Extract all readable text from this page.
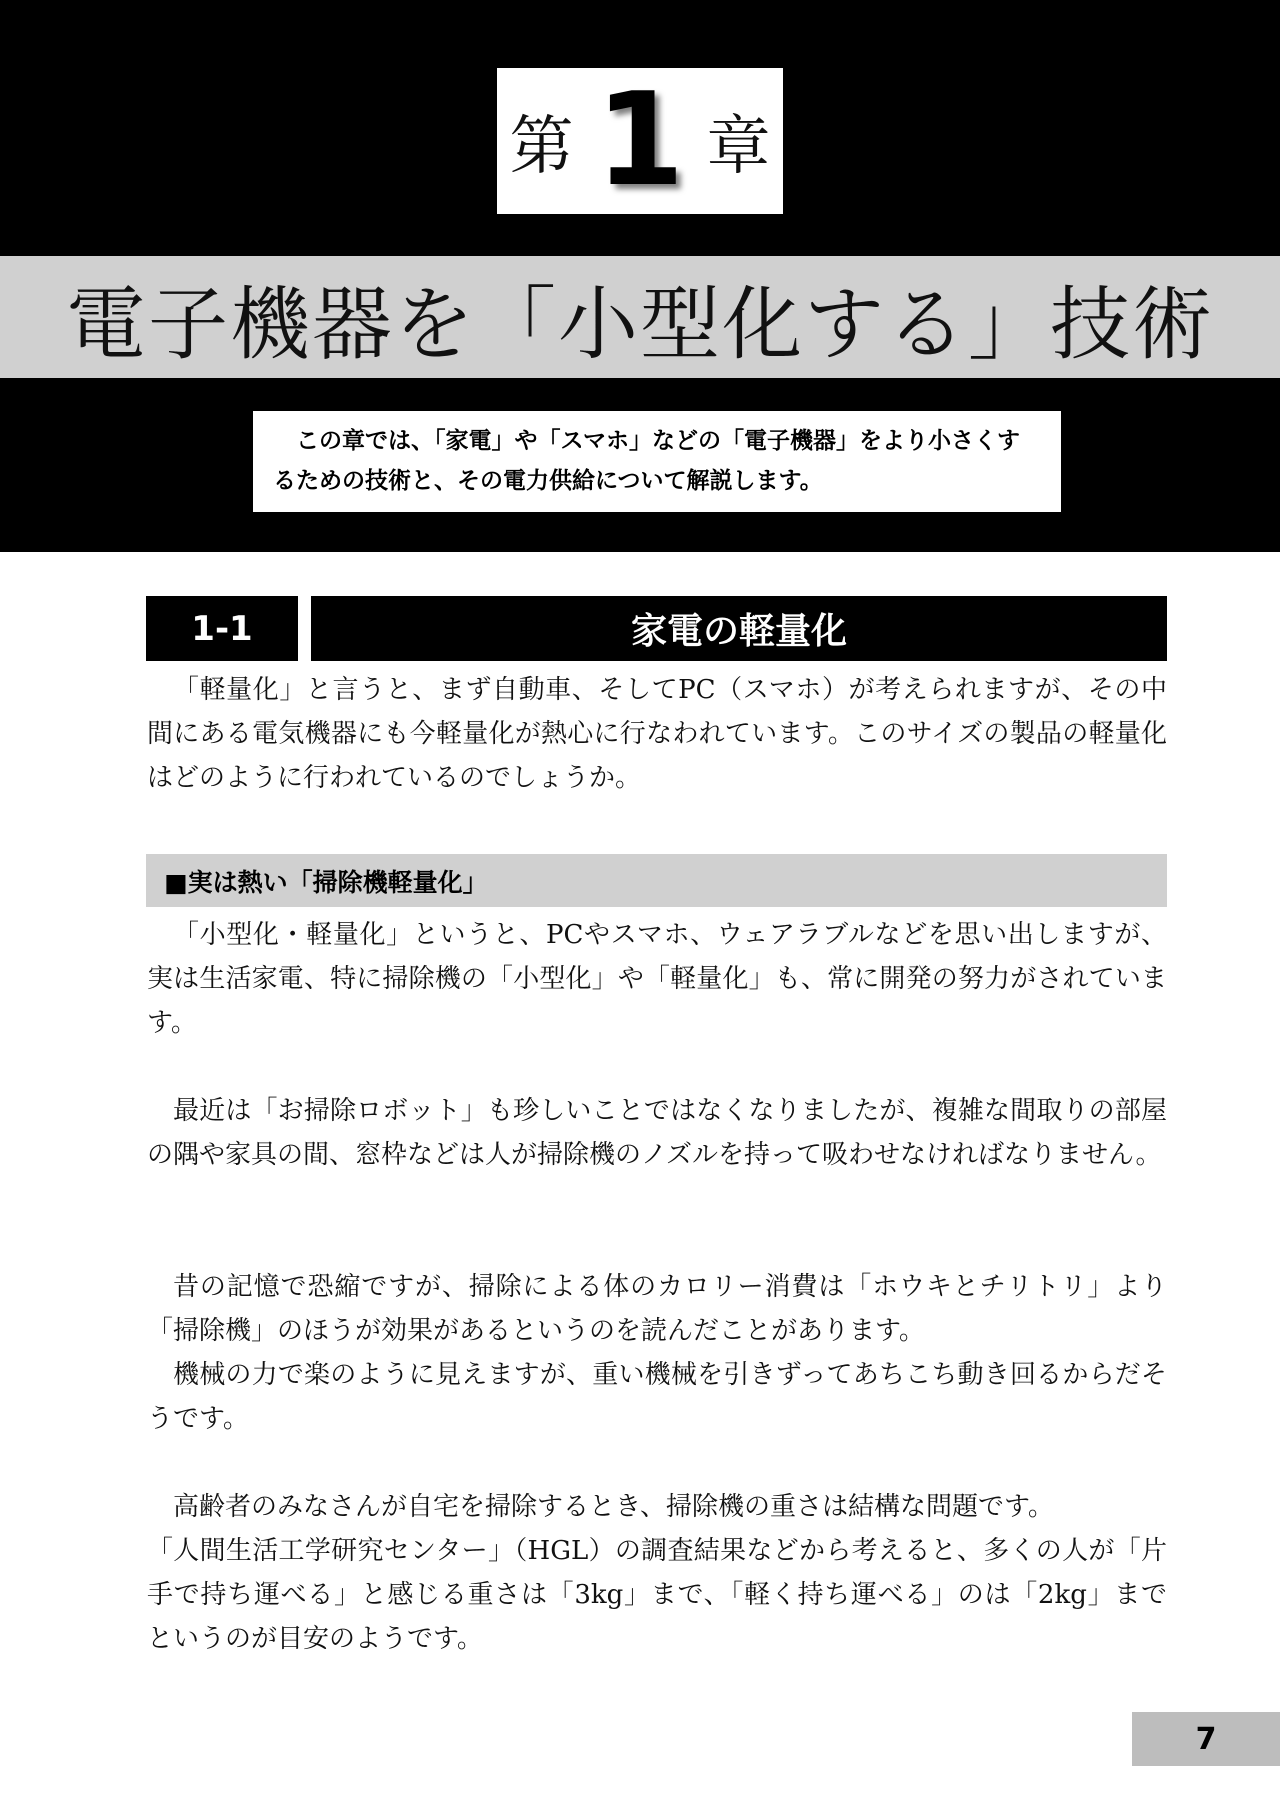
第 1 章
電子機器を「小型化する」技術

この章では、「家電」や「スマホ」などの「電子機器」をより小さくするための技術と、その電力供給について解説します。

1-1	家電の軽量化

「軽量化」と言うと、まず自動車、そしてPC（スマホ）が考えられますが、その中間にある電気機器にも今軽量化が熱心に行なわれています。このサイズの製品の軽量化はどのように行われているのでしょうか。

■実は熱い「掃除機軽量化」

「小型化・軽量化」というと、PCやスマホ、ウェアラブルなどを思い出しますが、実は生活家電、特に掃除機の「小型化」や「軽量化」も、常に開発の努力がされています。

最近は「お掃除ロボット」も珍しいことではなくなりましたが、複雑な間取りの部屋の隅や家具の間、窓枠などは人が掃除機のノズルを持って吸わせなければなりません。

昔の記憶で恐縮ですが、掃除による体のカロリー消費は「ホウキとチリトリ」より「掃除機」のほうが効果があるというのを読んだことがあります。

機械の力で楽のように見えますが、重い機械を引きずってあちこち動き回るからだそうです。

高齢者のみなさんが自宅を掃除するとき、掃除機の重さは結構な問題です。

「人間生活工学研究センター」（HGL）の調査結果などから考えると、多くの人が「片手で持ち運べる」と感じる重さは「3kg」まで、「軽く持ち運べる」のは「2kg」までというのが目安のようです。

7
